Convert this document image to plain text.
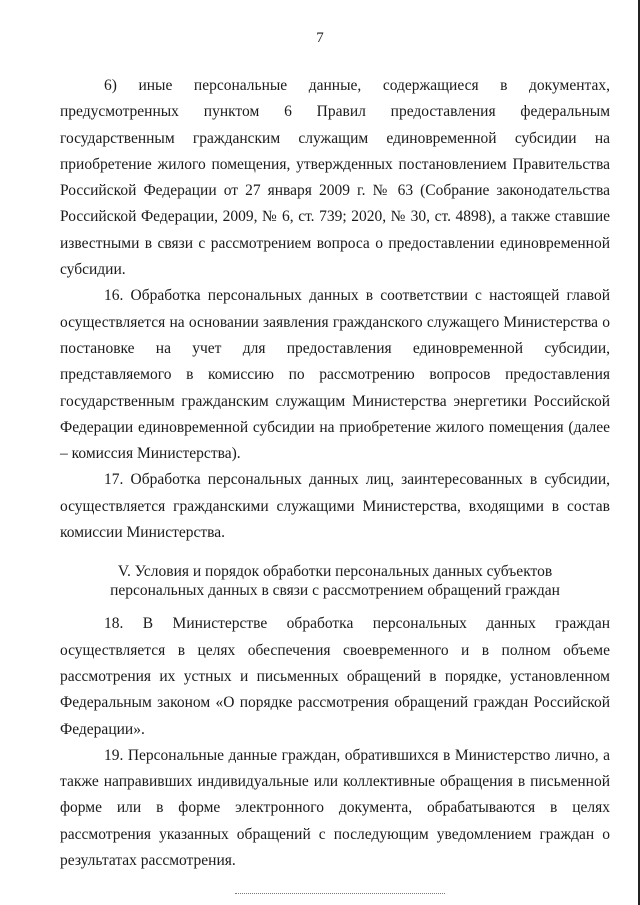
7

6) иные персональные данные, содержащиеся в документах, предусмотренных пунктом 6 Правил предоставления федеральным государственным гражданским служащим единовременной субсидии на приобретение жилого помещения, утвержденных постановлением Правительства Российской Федерации от 27 января 2009 г. № 63 (Собрание законодательства Российской Федерации, 2009, № 6, ст. 739; 2020, № 30, ст. 4898), а также ставшие известными в связи с рассмотрением вопроса о предоставлении единовременной субсидии.

16. Обработка персональных данных в соответствии с настоящей главой осуществляется на основании заявления гражданского служащего Министерства о постановке на учет для предоставления единовременной субсидии, представляемого в комиссию по рассмотрению вопросов предоставления государственным гражданским служащим Министерства энергетики Российской Федерации единовременной субсидии на приобретение жилого помещения (далее – комиссия Министерства).

17. Обработка персональных данных лиц, заинтересованных в субсидии, осуществляется гражданскими служащими Министерства, входящими в состав комиссии Министерства.

V. Условия и порядок обработки персональных данных субъектов персональных данных в связи с рассмотрением обращений граждан

18. В Министерстве обработка персональных данных граждан осуществляется в целях обеспечения своевременного и в полном объеме рассмотрения их устных и письменных обращений в порядке, установленном Федеральным законом «О порядке рассмотрения обращений граждан Российской Федерации».

19. Персональные данные граждан, обратившихся в Министерство лично, а также направивших индивидуальные или коллективные обращения в письменной форме или в форме электронного документа, обрабатываются в целях рассмотрения указанных обращений с последующим уведомлением граждан о результатах рассмотрения.
